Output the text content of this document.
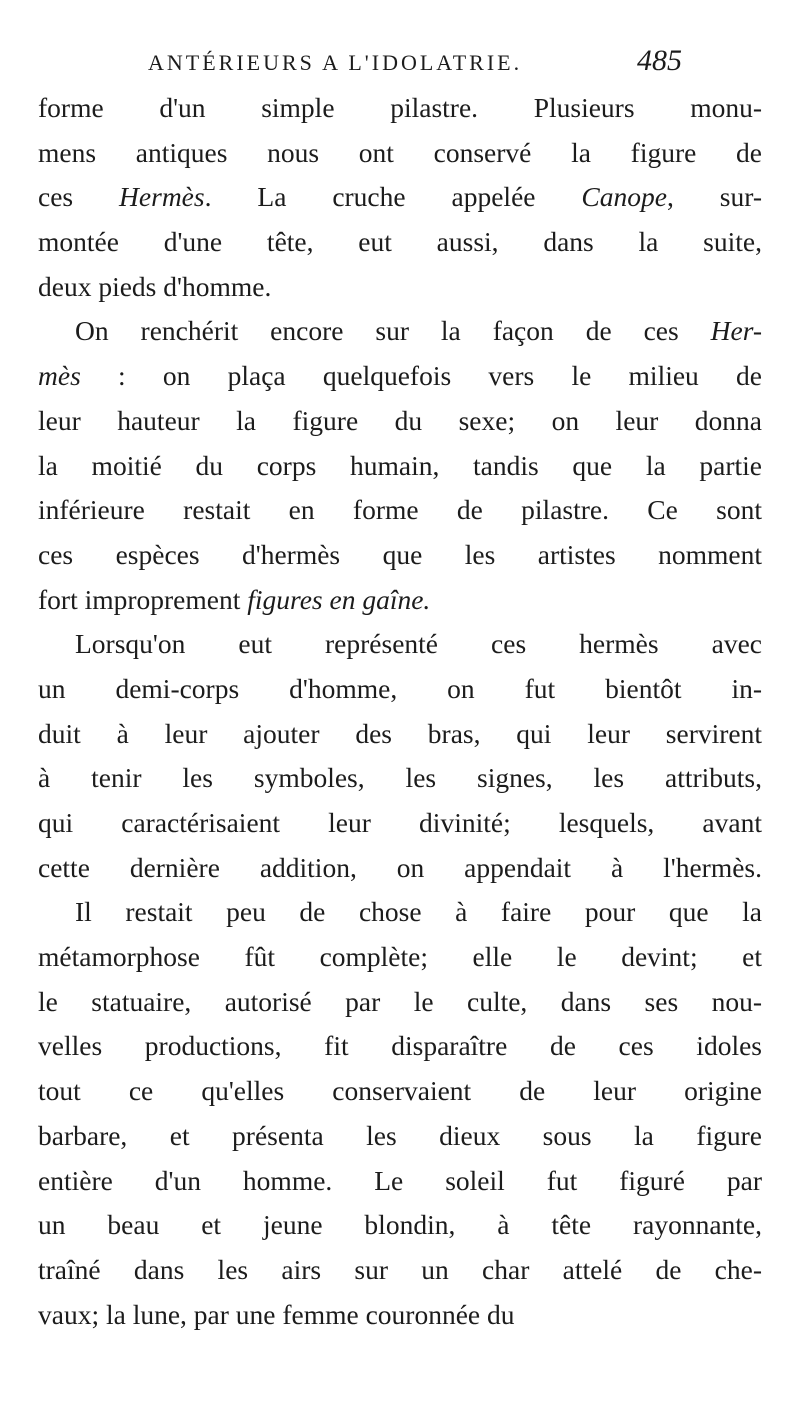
ANTÉRIEURS A L'IDOLATRIE.	485
forme d'un simple pilastre. Plusieurs monu-
mens antiques nous ont conservé la figure de
ces Hermès. La cruche appelée Canope, sur-
montée d'une tête, eut aussi, dans la suite,
deux pieds d'homme.
On renchérit encore sur la façon de ces Her-
mès : on plaça quelquefois vers le milieu de
leur hauteur la figure du sexe; on leur donna
la moitié du corps humain, tandis que la partie
inférieure restait en forme de pilastre. Ce sont
ces espèces d'hermès que les artistes nomment
fort improprement figures en gaîne.
Lorsqu'on eut représenté ces hermès avec
un demi-corps d'homme, on fut bientôt in-
duit à leur ajouter des bras, qui leur servirent
à tenir les symboles, les signes, les attributs,
qui caractérisaient leur divinité; lesquels, avant
cette dernière addition, on appendait à l'hermès.
Il restait peu de chose à faire pour que la
métamorphose fût complète; elle le devint; et
le statuaire, autorisé par le culte, dans ses nou-
velles productions, fit disparaître de ces idoles
tout ce qu'elles conservaient de leur origine
barbare, et présenta les dieux sous la figure
entière d'un homme. Le soleil fut figuré par
un beau et jeune blondin, à tête rayonnante,
traîné dans les airs sur un char attelé de che-
vaux; la lune, par une femme couronnée du
